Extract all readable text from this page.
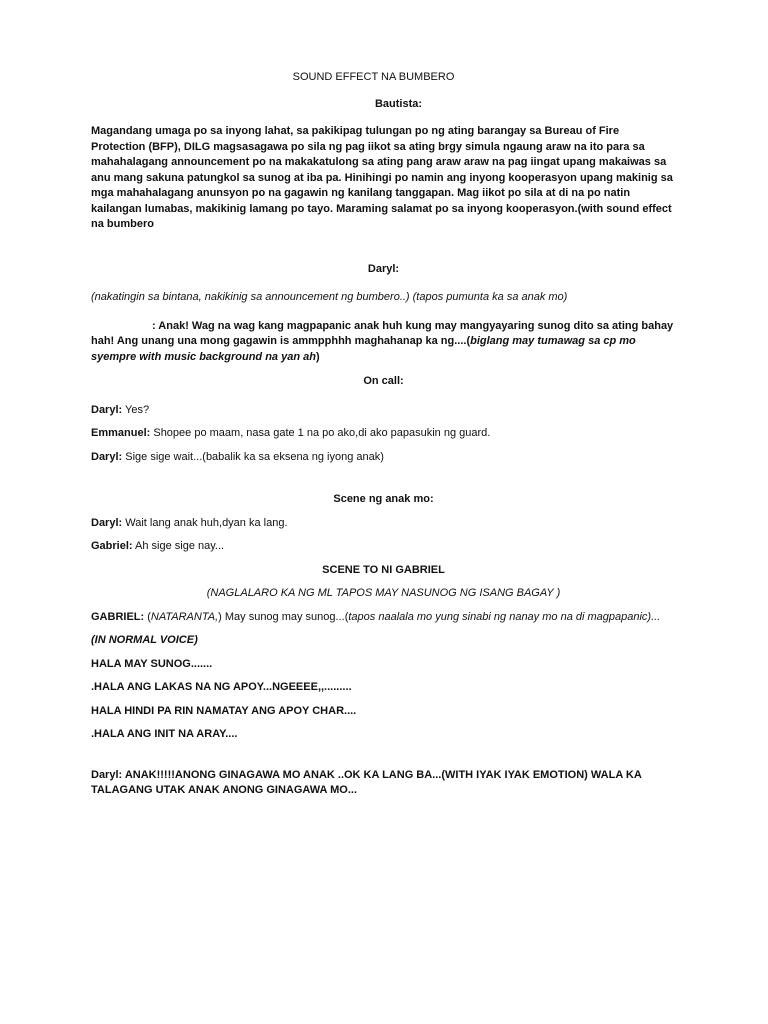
SOUND EFFECT NA BUMBERO

Bautista:

Magandang umaga po sa inyong lahat, sa pakikipag tulungan po ng ating barangay sa Bureau of Fire Protection (BFP), DILG magsasagawa po sila ng pag iikot sa ating brgy simula ngaung araw na ito para sa mahahalagang announcement po na makakatulong sa ating pang araw araw na pag iingat upang makaiwas sa anu mang sakuna patungkol sa sunog at iba pa. Hinihingi po namin ang inyong kooperasyon upang makinig sa mga mahahalagang anunsyon po na gagawin ng kanilang tanggapan. Mag iikot po sila at di na po natin kailangan lumabas, makikinig lamang po tayo. Maraming salamat po sa inyong kooperasyon.(with sound effect na bumbero

Daryl:

(nakatingin sa bintana, nakikinig sa announcement ng bumbero..) (tapos pumunta ka sa anak mo)

: Anak! Wag na wag kang magpapanic anak huh kung may mangyayaring sunog dito sa ating bahay hah! Ang unang una mong gagawin is ammpphhh maghahanap ka ng....(biglang may tumawag sa cp mo syempre with music background na yan ah)

On call:

Daryl: Yes?

Emmanuel: Shopee po maam, nasa gate 1 na po ako,di ako papasukin ng guard.

Daryl: Sige sige wait...(babalik ka sa eksena ng iyong anak)

Scene ng anak mo:

Daryl: Wait lang anak huh,dyan ka lang.

Gabriel: Ah sige sige nay...

SCENE TO NI GABRIEL

(NAGLALARO KA NG ML TAPOS MAY NASUNOG NG ISANG BAGAY )

GABRIEL: (NATARANTA,) May sunog may sunog...(tapos naalala mo yung sinabi ng nanay mo na di magpapanic)...

(IN NORMAL VOICE)

HALA MAY SUNOG.......

.HALA ANG LAKAS NA NG APOY...NGEEEE,,.........

HALA HINDI PA RIN NAMATAY ANG APOY CHAR....

.HALA ANG INIT NA ARAY....

Daryl: ANAK!!!!!ANONG GINAGAWA MO ANAK ..OK KA LANG BA...(WITH IYAK IYAK EMOTION) WALA KA TALAGANG UTAK ANAK ANONG GINAGAWA MO...
